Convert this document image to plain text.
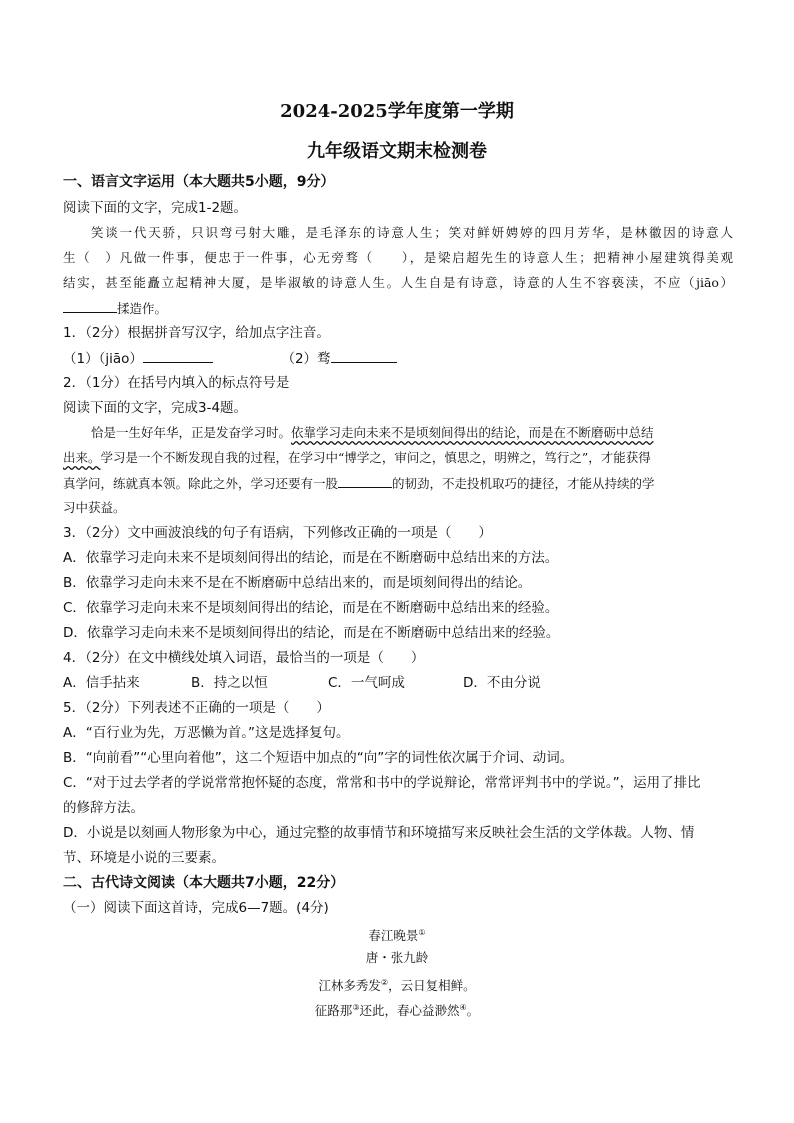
2024-2025学年度第一学期
九年级语文期末检测卷
一、语言文字运用（本大题共5小题，9分）
阅读下面的文字，完成1-2题。
笑谈一代天骄，只识弯弓射大雕，是毛泽东的诗意人生；笑对鲜妍娉婷的四月芳华，是林徽因的诗意人
生（　）凡做一件事，便忠于一件事，心无旁骛（　　），是梁启超先生的诗意人生；把精神小屋建筑得美观
结实，甚至能矗立起精神大厦，是毕淑敏的诗意人生。人生自是有诗意，诗意的人生不容亵渎，不应（jiāo）
揉造作。
1．（2分）根据拼音写汉字，给加点字注音。
（1）（jiāo）	（2）骛
2．（1分）在括号内填入的标点符号是
阅读下面的文字，完成3-4题。
恰是一生好年华，正是发奋学习时。依靠学习走向未来不是顷刻间得出的结论，而是在不断磨砺中总结
出来。学习是一个不断发现自我的过程，在学习中“博学之，审问之，慎思之，明辨之，笃行之”，才能获得
真学问，练就真本领。除此之外，学习还要有一股	的韧劲，不走投机取巧的捷径，才能从持续的学
习中获益。
3．（2分）文中画波浪线的句子有语病，下列修改正确的一项是（　　）
A．依靠学习走向未来不是顷刻间得出的结论，而是在不断磨砺中总结出来的方法。
B．依靠学习走向未来不是在不断磨砺中总结出来的，而是顷刻间得出的结论。
C．依靠学习走向未来不是顷刻间得出的结论，而是在不断磨砺中总结出来的经验。
D．依靠学习走向未来不是顷刻间得出的结论，而是在不断磨砺中总结出来的经验。
4．（2分）在文中横线处填入词语，最恰当的一项是（　　）
A．信手拈来	B．持之以恒	C．一气呵成	D．不由分说
5．（2分）下列表述不正确的一项是（　　）
A．“百行业为先，万恶懒为首。”这是选择复句。
B．“向前看”“心里向着他”，这二个短语中加点的“向”字的词性依次属于介词、动词。
C．“对于过去学者的学说常常抱怀疑的态度，常常和书中的学说辩论，常常评判书中的学说。”，运用了排比
的修辞方法。
D．小说是以刻画人物形象为中心，通过完整的故事情节和环境描写来反映社会生活的文学体裁。人物、情
节、环境是小说的三要素。
二、古代诗文阅读（本大题共7小题，22分）
（一）阅读下面这首诗，完成6—7题。(4分)
春江晚景①
唐・张九龄
江林多秀发②，云日复相鲜。
征路那③还此，春心益渺然④。
